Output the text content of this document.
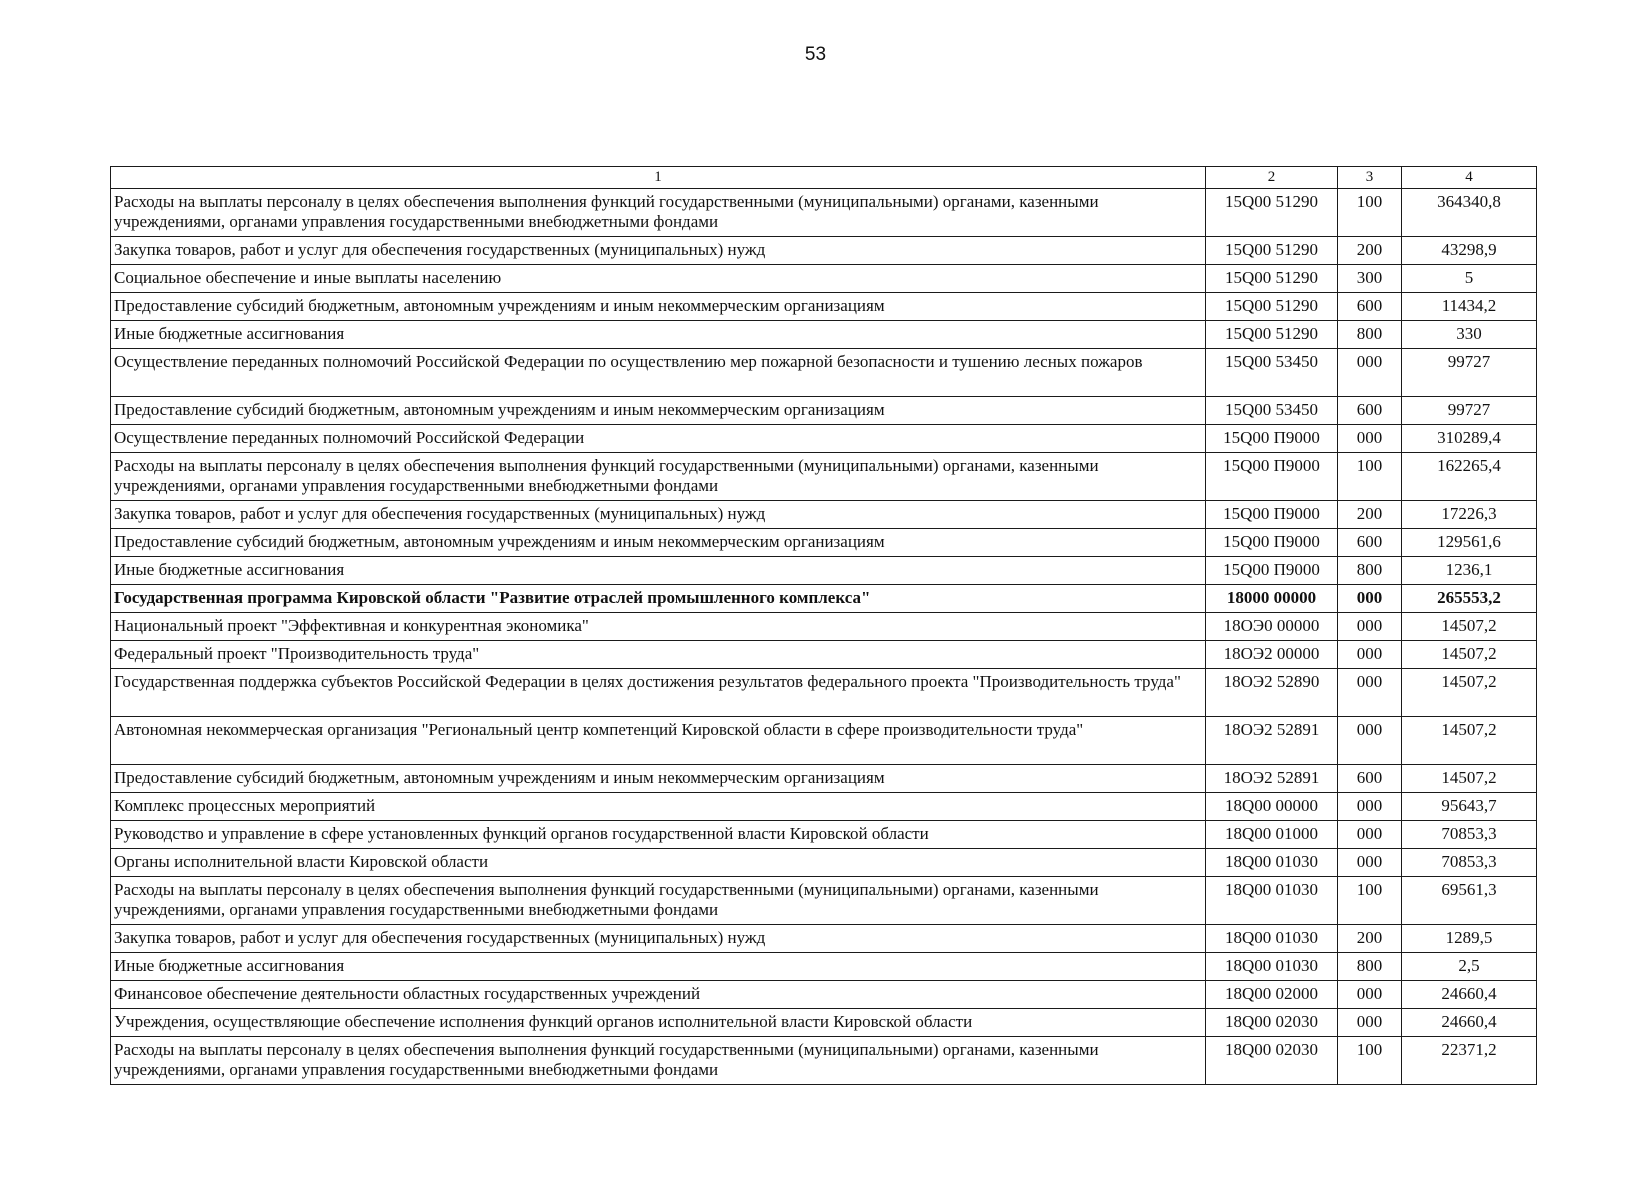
53
1	2	3	4
Расходы на выплаты персоналу в целях обеспечения выполнения функций государственными (муниципальными) органами, казенными учреждениями, органами управления государственными внебюджетными фондами	15Q00 51290	100	364340,8
Закупка товаров, работ и услуг для обеспечения государственных (муниципальных) нужд	15Q00 51290	200	43298,9
Социальное обеспечение и иные выплаты населению	15Q00 51290	300	5
Предоставление субсидий бюджетным, автономным учреждениям и иным некоммерческим организациям	15Q00 51290	600	11434,2
Иные бюджетные ассигнования	15Q00 51290	800	330
Осуществление переданных полномочий Российской Федерации по осуществлению мер пожарной безопасности и тушению лесных пожаров	15Q00 53450	000	99727
Предоставление субсидий бюджетным, автономным учреждениям и иным некоммерческим организациям	15Q00 53450	600	99727
Осуществление переданных полномочий Российской Федерации	15Q00 П9000	000	310289,4
Расходы на выплаты персоналу в целях обеспечения выполнения функций государственными (муниципальными) органами, казенными учреждениями, органами управления государственными внебюджетными фондами	15Q00 П9000	100	162265,4
Закупка товаров, работ и услуг для обеспечения государственных (муниципальных) нужд	15Q00 П9000	200	17226,3
Предоставление субсидий бюджетным, автономным учреждениям и иным некоммерческим организациям	15Q00 П9000	600	129561,6
Иные бюджетные ассигнования	15Q00 П9000	800	1236,1
Государственная программа Кировской области "Развитие отраслей промышленного комплекса"	18000 00000	000	265553,2
Национальный проект "Эффективная и конкурентная экономика"	18ОЭ0 00000	000	14507,2
Федеральный проект "Производительность труда"	18ОЭ2 00000	000	14507,2
Государственная поддержка субъектов Российской Федерации в целях достижения результатов федерального проекта "Производительность труда"	18ОЭ2 52890	000	14507,2
Автономная некоммерческая организация "Региональный центр компетенций Кировской области в сфере производительности труда"	18ОЭ2 52891	000	14507,2
Предоставление субсидий бюджетным, автономным учреждениям и иным некоммерческим организациям	18ОЭ2 52891	600	14507,2
Комплекс процессных мероприятий	18Q00 00000	000	95643,7
Руководство и управление в сфере установленных функций органов государственной власти Кировской области	18Q00 01000	000	70853,3
Органы исполнительной власти Кировской области	18Q00 01030	000	70853,3
Расходы на выплаты персоналу в целях обеспечения выполнения функций государственными (муниципальными) органами, казенными учреждениями, органами управления государственными внебюджетными фондами	18Q00 01030	100	69561,3
Закупка товаров, работ и услуг для обеспечения государственных (муниципальных) нужд	18Q00 01030	200	1289,5
Иные бюджетные ассигнования	18Q00 01030	800	2,5
Финансовое обеспечение деятельности областных государственных учреждений	18Q00 02000	000	24660,4
Учреждения, осуществляющие обеспечение исполнения функций органов исполнительной власти Кировской области	18Q00 02030	000	24660,4
Расходы на выплаты персоналу в целях обеспечения выполнения функций государственными (муниципальными) органами, казенными учреждениями, органами управления государственными внебюджетными фондами	18Q00 02030	100	22371,2
